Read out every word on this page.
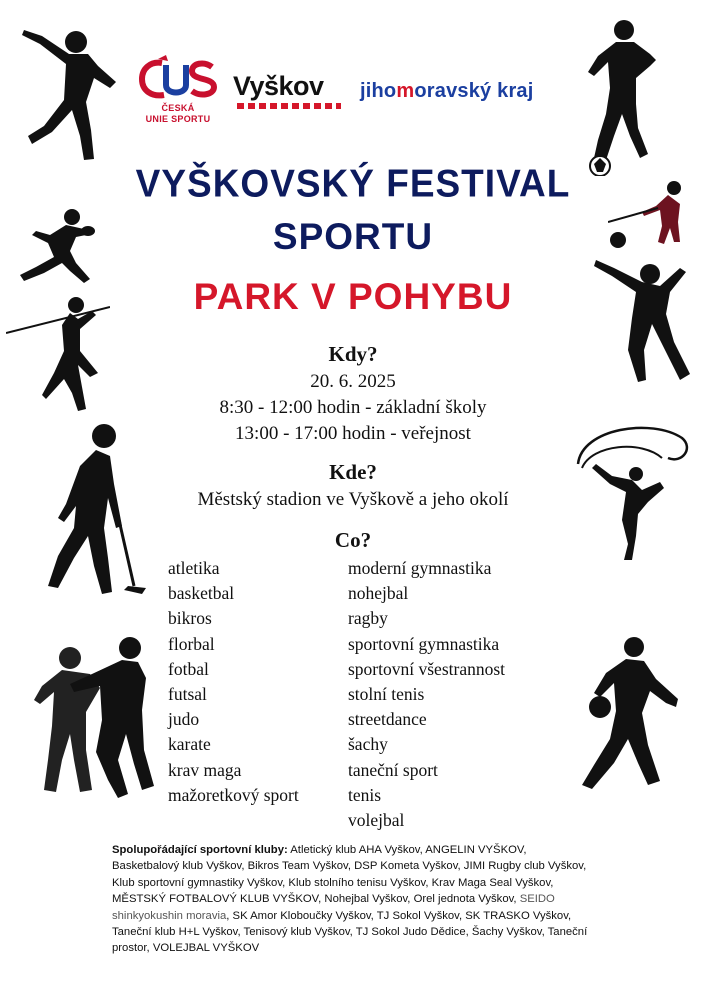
ČESKÁ
UNIE SPORTU
Vyškov	jihomoravský kraj
VYŠKOVSKÝ FESTIVAL
SPORTU
PARK V POHYBU
Kdy?
20. 6. 2025
8:30 - 12:00 hodin - základní školy
13:00 - 17:00 hodin - veřejnost
Kde?
Městský stadion ve Vyškově a jeho okolí
Co?
atletika
basketbal
bikros
florbal
fotbal
futsal
judo
karate
krav maga
mažoretkový sport
moderní gymnastika
nohejbal
ragby
sportovní gymnastika
sportovní všestrannost
stolní tenis
streetdance
šachy
taneční sport
tenis
volejbal
Spolupořádající sportovní kluby: Atletický klub AHA Vyškov, ANGELIN VYŠKOV, Basketbalový klub Vyškov, Bikros Team Vyškov, DSP Kometa Vyškov, JIMI Rugby club Vyškov, Klub sportovní gymnastiky Vyškov, Klub stolního tenisu Vyškov, Krav Maga Seal Vyškov, MĚSTSKÝ FOTBALOVÝ KLUB VYŠKOV, Nohejbal Vyškov, Orel jednota Vyškov, SEIDO shinkyokushin moravia, SK Amor Kloboučky Vyškov, TJ Sokol Vyškov, SK TRASKO Vyškov, Taneční klub H+L Vyškov, Tenisový klub Vyškov, TJ Sokol Judo Dědice, Šachy Vyškov, Taneční prostor, VOLEJBAL VYŠKOV
